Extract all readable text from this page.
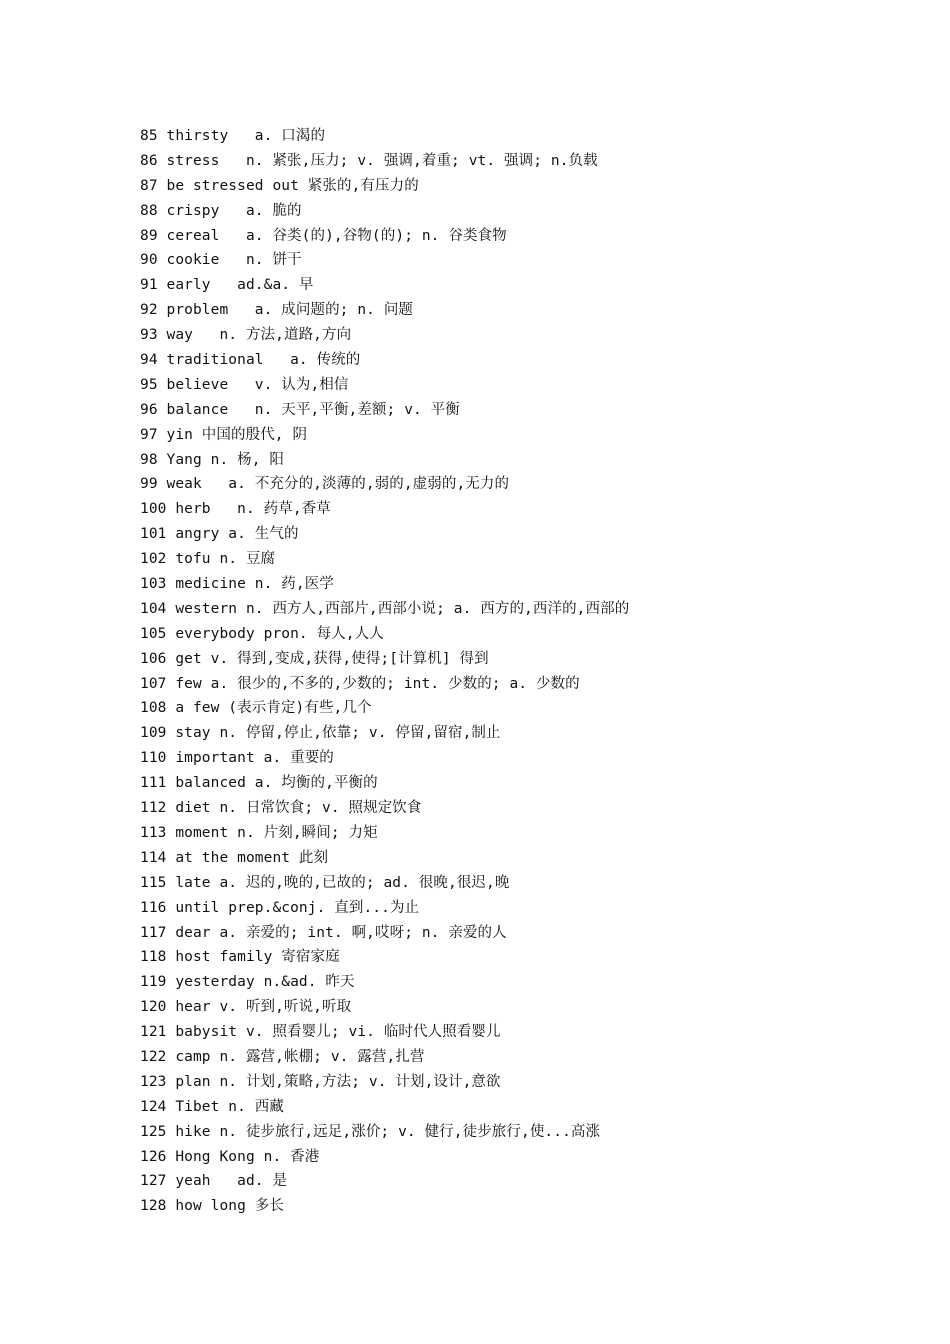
85 thirsty   a. 口渴的
86 stress   n. 紧张,压力; v. 强调,着重; vt. 强调; n.负载
87 be stressed out 紧张的,有压力的
88 crispy   a. 脆的
89 cereal   a. 谷类(的),谷物(的); n. 谷类食物
90 cookie   n. 饼干
91 early   ad.&a. 早
92 problem   a. 成问题的; n. 问题
93 way   n. 方法,道路,方向
94 traditional   a. 传统的
95 believe   v. 认为,相信
96 balance   n. 天平,平衡,差额; v. 平衡
97 yin 中国的殷代, 阴
98 Yang n. 杨, 阳
99 weak   a. 不充分的,淡薄的,弱的,虚弱的,无力的
100 herb   n. 药草,香草
101 angry a. 生气的
102 tofu n. 豆腐
103 medicine n. 药,医学
104 western n. 西方人,西部片,西部小说; a. 西方的,西洋的,西部的
105 everybody pron. 每人,人人
106 get v. 得到,变成,获得,使得;[计算机] 得到
107 few a. 很少的,不多的,少数的; int. 少数的; a. 少数的
108 a few (表示肯定)有些,几个
109 stay n. 停留,停止,依靠; v. 停留,留宿,制止
110 important a. 重要的
111 balanced a. 均衡的,平衡的
112 diet n. 日常饮食; v. 照规定饮食
113 moment n. 片刻,瞬间; 力矩
114 at the moment 此刻
115 late a. 迟的,晚的,已故的; ad. 很晚,很迟,晚
116 until prep.&conj. 直到...为止
117 dear a. 亲爱的; int. 啊,哎呀; n. 亲爱的人
118 host family 寄宿家庭
119 yesterday n.&ad. 昨天
120 hear v. 听到,听说,听取
121 babysit v. 照看婴儿; vi. 临时代人照看婴儿
122 camp n. 露营,帐棚; v. 露营,扎营
123 plan n. 计划,策略,方法; v. 计划,设计,意欲
124 Tibet n. 西藏
125 hike n. 徒步旅行,远足,涨价; v. 健行,徒步旅行,使...高涨
126 Hong Kong n. 香港
127 yeah   ad. 是
128 how long 多长
